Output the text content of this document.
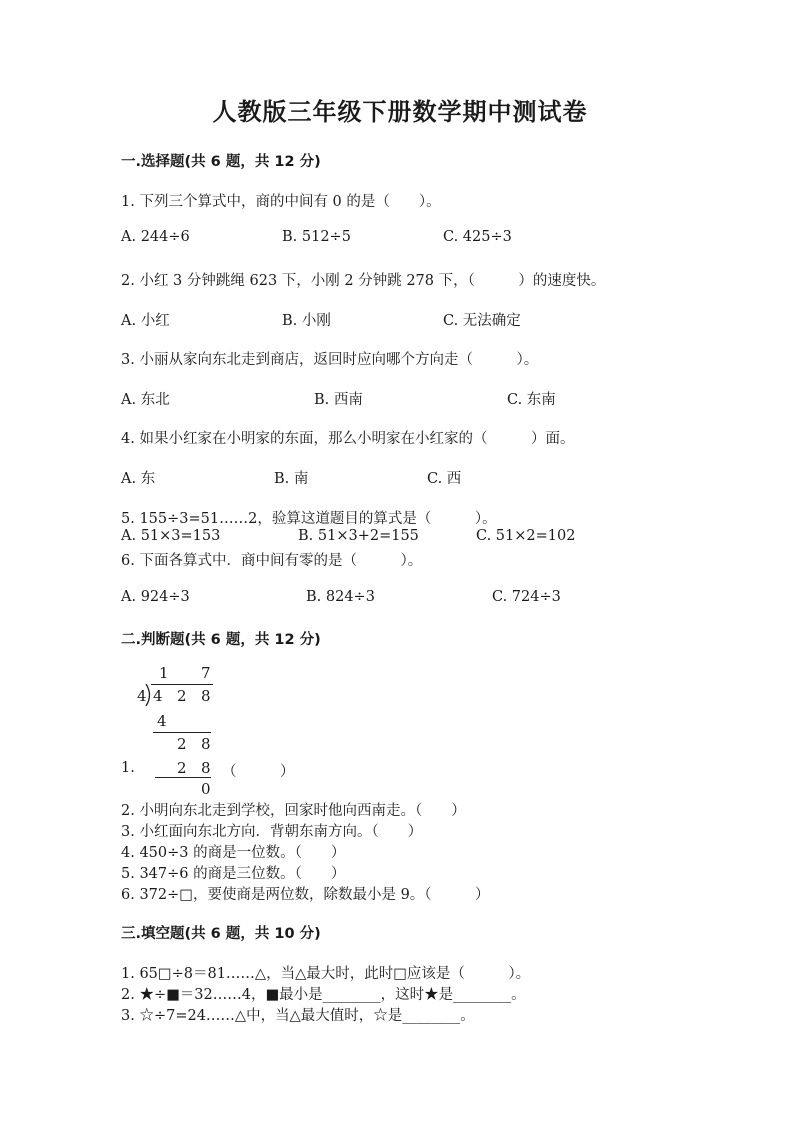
人教版三年级下册数学期中测试卷
一.选择题(共 6 题，共 12 分)
1. 下列三个算式中，商的中间有 0 的是（　　）。
A. 244÷6	B. 512÷5	C. 425÷3
2. 小红 3 分钟跳绳 623 下，小刚 2 分钟跳 278 下，（　　　）的速度快。
A. 小红	B. 小刚	C. 无法确定
3. 小丽从家向东北走到商店，返回时应向哪个方向走（　　　）。
A. 东北	B. 西南	C. 东南
4. 如果小红家在小明家的东面，那么小明家在小红家的（　　　）面。
A. 东	B. 南	C. 西
5. 155÷3=51……2，验算这道题目的算式是（　　　）。
A. 51×3=153	B. 51×3+2=155	C. 51×2=102
6. 下面各算式中．商中间有零的是（　　　）。
A. 924÷3	B. 824÷3	C. 724÷3
二.判断题(共 6 题，共 12 分)
1 7
4 4 2 8
4
2 8
2 8
0
1.	（　　　）
2. 小明向东北走到学校，回家时他向西南走。（　　）
3. 小红面向东北方向．背朝东南方向。（　　）
4. 450÷3 的商是一位数。（　　）
5. 347÷6 的商是三位数。（　　）
6. 372÷□，要使商是两位数，除数最小是 9。（　　　）
三.填空题(共 6 题，共 10 分)
1. 65□÷8＝81……△，当△最大时，此时□应该是（　　　）。
2. ★÷■＝32……4，■最小是________，这时★是________。
3. ☆÷7=24……△中，当△最大值时，☆是________。
